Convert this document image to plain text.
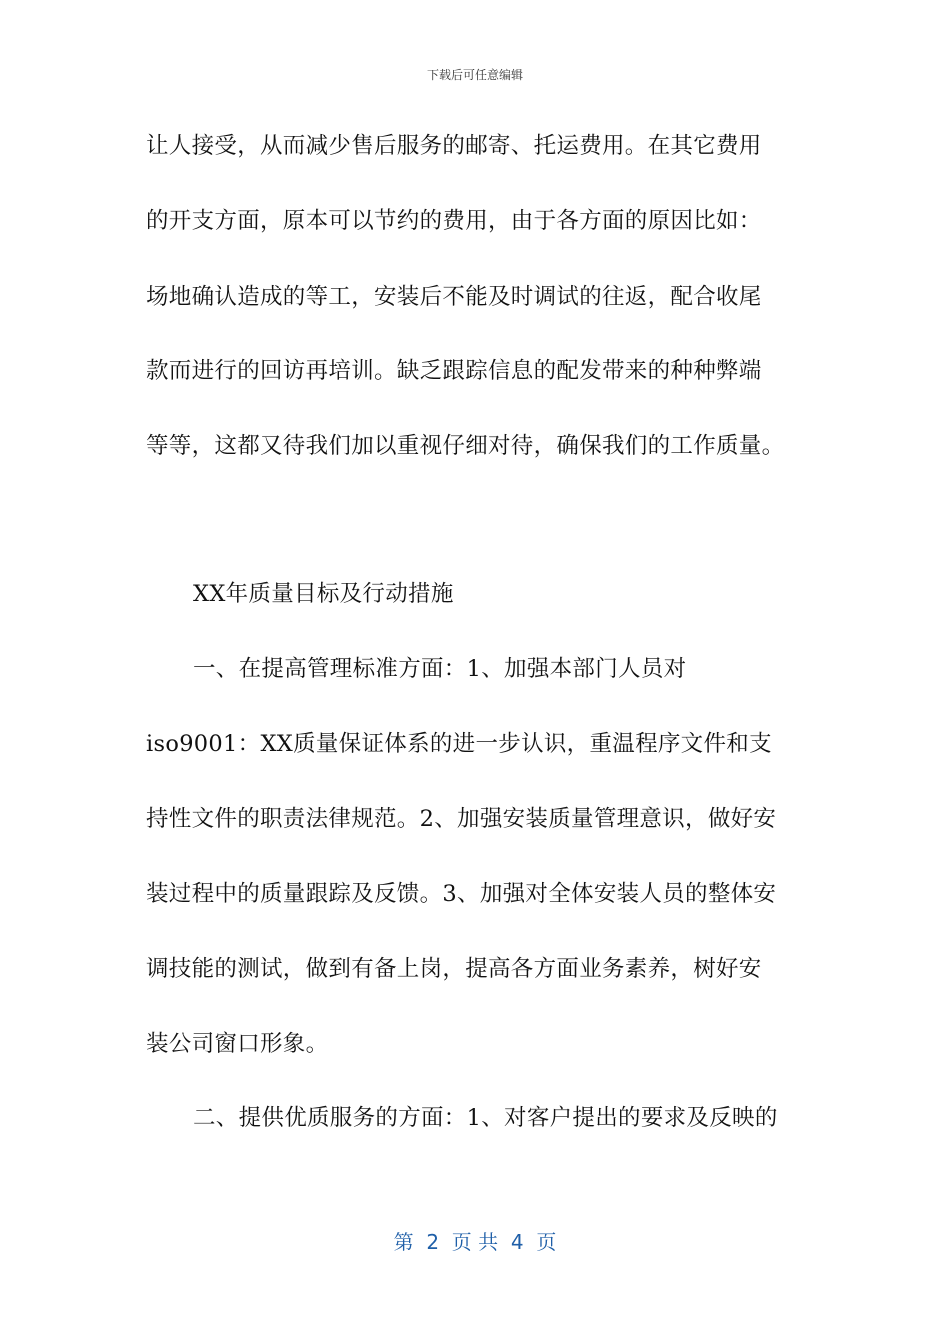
下载后可任意编辑
让人接受，从而减少售后服务的邮寄、托运费用。在其它费用
的开支方面，原本可以节约的费用，由于各方面的原因比如：
场地确认造成的等工，安装后不能及时调试的往返，配合收尾
款而进行的回访再培训。缺乏跟踪信息的配发带来的种种弊端
等等，这都又待我们加以重视仔细对待，确保我们的工作质量。
XX年质量目标及行动措施
一、在提高管理标准方面：1、加强本部门人员对
iso9001：XX质量保证体系的进一步认识，重温程序文件和支
持性文件的职责法律规范。2、加强安装质量管理意识，做好安
装过程中的质量跟踪及反馈。3、加强对全体安装人员的整体安
调技能的测试，做到有备上岗，提高各方面业务素养，树好安
装公司窗口形象。
二、提供优质服务的方面：1、对客户提出的要求及反映的
第  2  页 共  4  页
